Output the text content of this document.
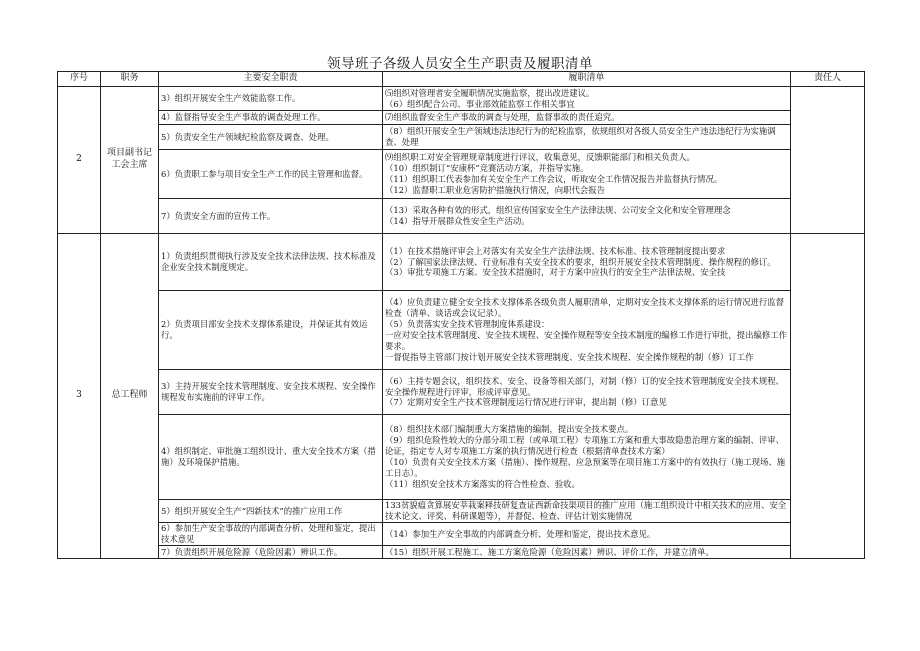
领导班子各级人员安全生产职责及履职清单
序号	职务	主要安全职责	履职清单	责任人
2	项目副书记工会主席	3）组织开展安全生产效能监察工作。	⑸组织对管理者安全履职情况实施监察，提出改进建议。
（6）组织配合公司、事业部效能监察工作相关事宜	

		4）监督指导安全生产事故的调查处理工作。	⑺组织监督安全生产事故的调查与处理，监督事故的责任追究。	

		5）负责安全生产领域纪检监察及调查、处理。	（8）组织开展安全生产领域违法违纪行为的纪检监察，依规组织对各级人员安全生产违法违纪行为实施调查、处理	

		6）负责职工参与项目安全生产工作的民主管理和监督。	⑼组织职工对安全管理规章制度进行评议，收集意见，反馈职能部门和相关负责人。
（10）组织制订“安康杯”竞赛活动方案，并指导实施。
（11）组织职工代表参加有关安全生产工作会议，听取安全工作情况报告并监督执行情况。
（12）监督职工职业危害防护措施执行情况，向职代会报告	

		7）负责安全方面的宣传工作。	（13）采取各种有效的形式，组织宣传国家安全生产法律法规、公司安全文化和安全管理理念
（14）指导开展群众性安全生产活动。	

3	总工程师	1）负责组织贯彻执行涉及安全技术法律法规、技术标准及企业安全技术制度规定。	（1）在技术措施评审会上对落实有关安全生产法律法规、技术标准、技术管理制度提出要求
（2）了解国家法律法规、行业标准有关安全技术的要求，组织开展安全技术管理制度、操作规程的修订。
（3）审批专项施工方案、安全技术措施时，对于方案中应执行的安全生产法律法规、安全技	

		2）负责项目部安全技术支撑体系建设，并保证其有效运行。	（4）应负责建立健全安全技术支撑体系各级负责人履职清单，定期对安全技术支撑体系的运行情况进行监督检查（清单、谈话或会议记录）。
（5）负责落实安全技术管理制度体系建设：
一应对安全技术管理制度、安全技术规程、安全操作规程等安全技术制度的编修工作进行审批，提出编修工作要求。
一督促指导主管部门按计划开展安全技术管理制度、安全技术规程、安全操作规程的制（修）订工作	

		3）主持开展安全技术管理制度、安全技术规程、安全操作规程发布实施前的评审工作。	（6）主持专题会议，组织技术、安全、设备等相关部门，对制（修）订的安全技术管理制度安全技术规程、安全操作规程进行评审，形成评审意见。
（7）定期对安全生产技术管理制度运行情况进行评审，提出制（修）订意见	

		4）组织制定、审批施工组织设计、重大安全技术方案（措施）及环境保护措施。	（8）组织技术部门编制重大方案措施的编制，提出安全技术要点。
（9）组织危险性较大的分部分项工程（或单项工程）专项施工方案和重大事故隐患治理方案的编制、评审、论证，指定专人对专项施工方案的执行情况进行检查（根据清单查技术方案）
（10）负责有关安全技术方案（措施）、操作规程、应急预案等在项目施工方案中的有效执行（施工现场、施工日志）。
（11）组织安全技术方案落实的符合性检查、验收。	

		5）组织开展安全生产“四新技术”的推广应用工作	133贫貌瘟贪算展安莘栽案释技研复查证西新命技渠项目的推广应用（施工组织设计中相关技术的应用、安全技术论文、评奖、科研课题等），并督促、检查、评估计划实施情况	

		6）参加生产安全事故的内部调查分析、处理和鉴定，提出技术意见	（14）参加生产安全事故的内部调查分析、处理和鉴定，提出技术意见。	

		7）负责组织开展危险源（危险因素）辨识工作。	（15）组织开展工程施工、施工方案危险源（危险因素）辨识、评价工作，并建立清单。	
